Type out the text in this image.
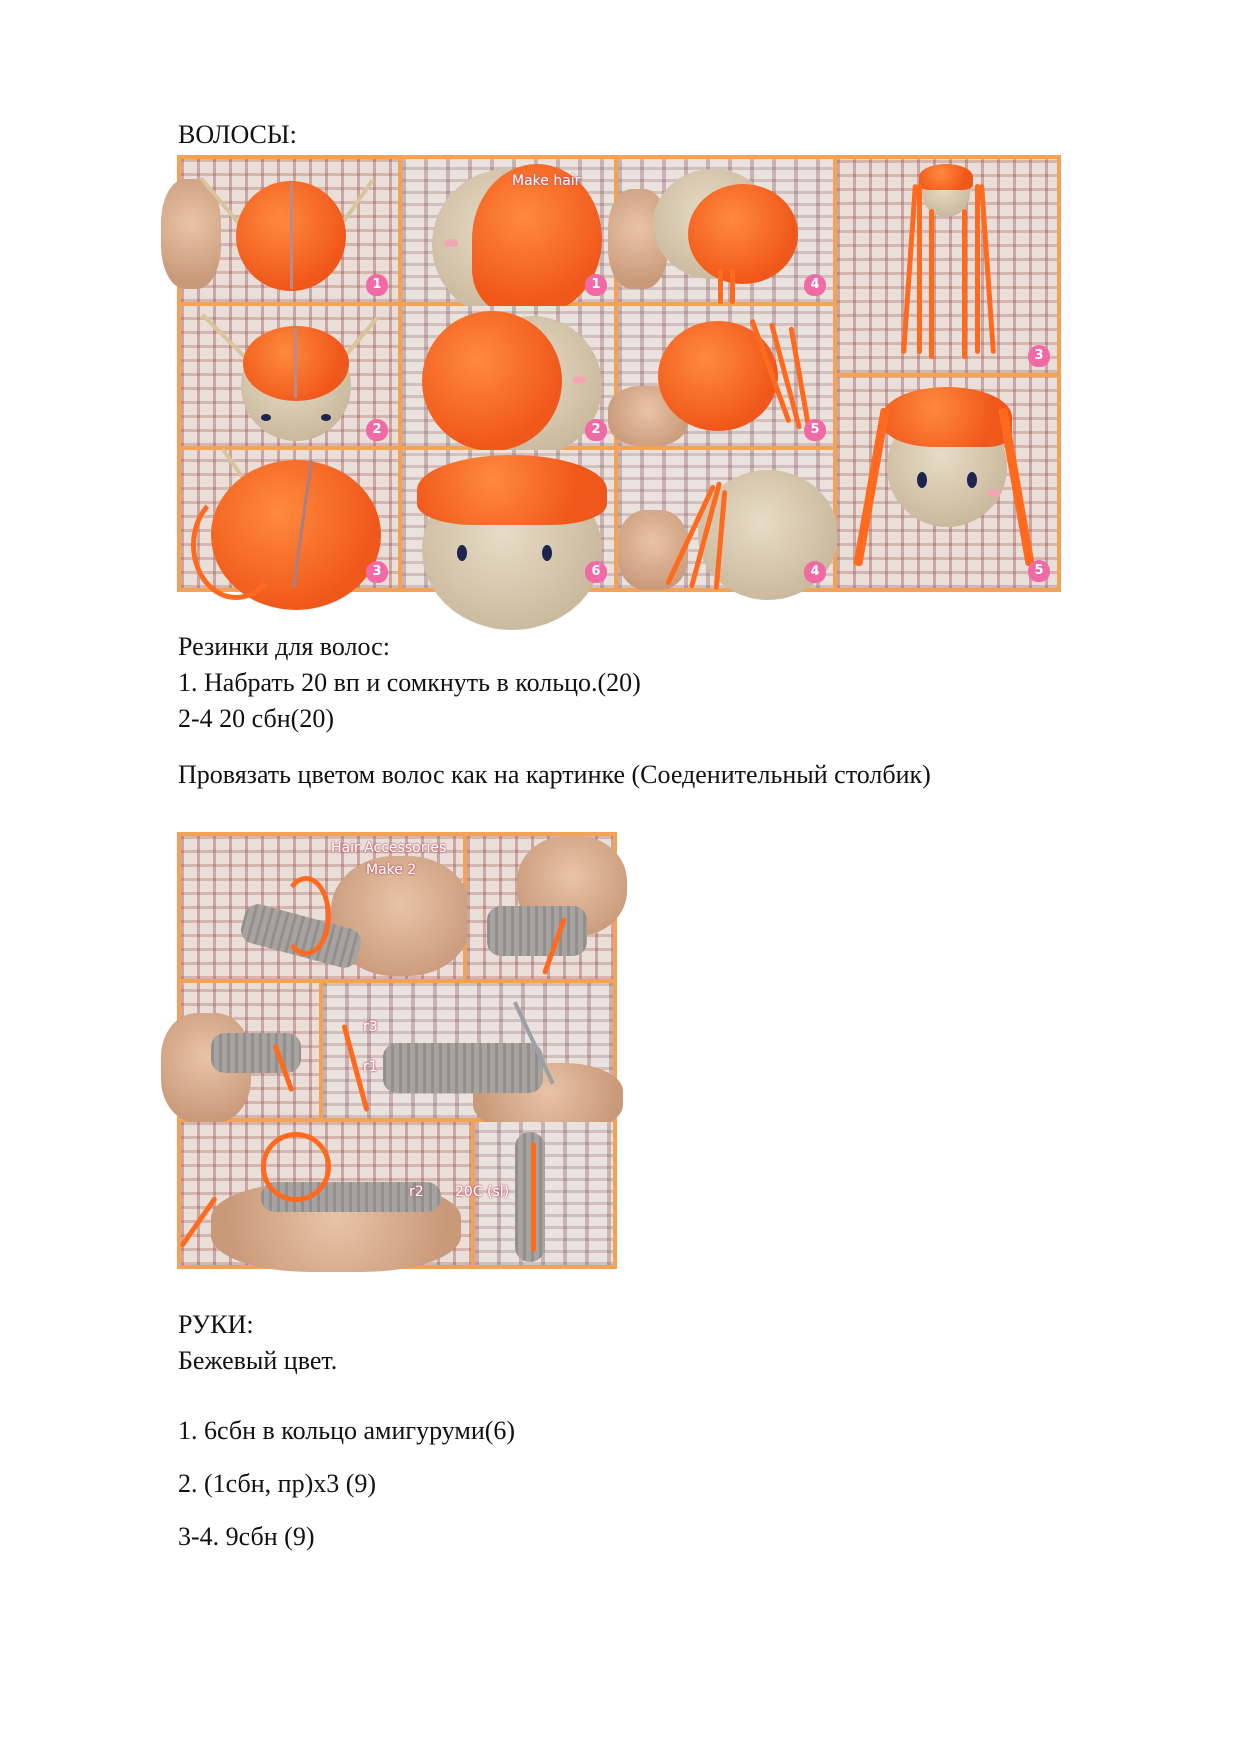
ВОЛОСЫ:
1
2
3
Make hair
1
2
6
4
5
4
3
5
Резинки для волос:
1. Набрать 20 вп и сомкнуть в кольцо.(20)
2-4 20 сбн(20)
Провязать цветом волос как на картинке (Соеденительный столбик)
Hair Accessories
Make 2
r3
r1
r2 20C (sl)
РУКИ:
Бежевый цвет.
1. 6сбн в кольцо амигуруми(6)
2. (1сбн, пр)х3 (9)
3-4. 9сбн (9)
